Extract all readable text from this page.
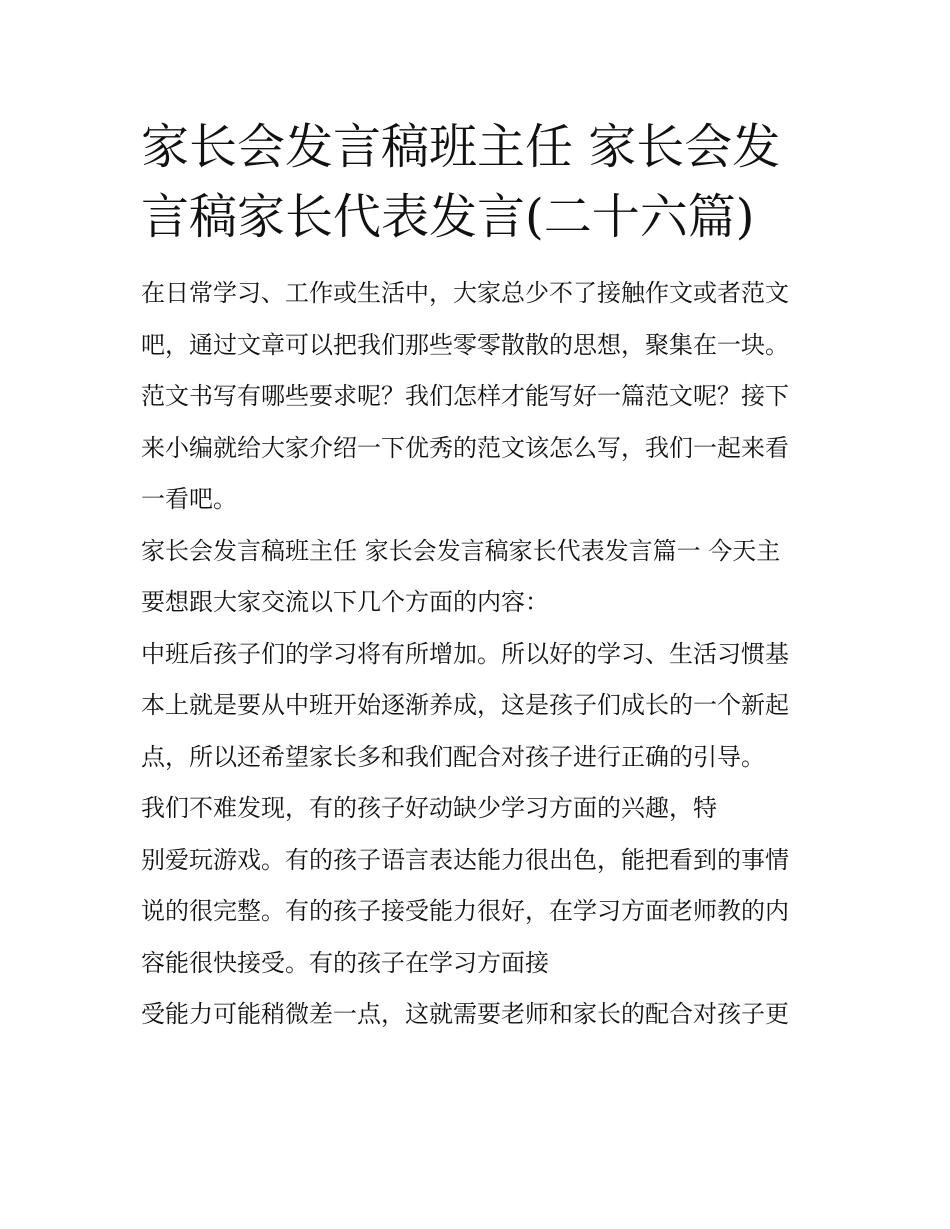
家长会发言稿班主任 家长会发
言稿家长代表发言(二十六篇)
在日常学习、工作或生活中，大家总少不了接触作文或者范文
吧，通过文章可以把我们那些零零散散的思想，聚集在一块。
范文书写有哪些要求呢？我们怎样才能写好一篇范文呢？接下
来小编就给大家介绍一下优秀的范文该怎么写，我们一起来看
一看吧。
家长会发言稿班主任 家长会发言稿家长代表发言篇一 今天主
要想跟大家交流以下几个方面的内容：
中班后孩子们的学习将有所增加。所以好的学习、生活习惯基
本上就是要从中班开始逐渐养成，这是孩子们成长的一个新起
点，所以还希望家长多和我们配合对孩子进行正确的引导。
我们不难发现，有的孩子好动缺少学习方面的兴趣，特
别爱玩游戏。有的孩子语言表达能力很出色，能把看到的事情
说的很完整。有的孩子接受能力很好，在学习方面老师教的内
容能很快接受。有的孩子在学习方面接
受能力可能稍微差一点，这就需要老师和家长的配合对孩子更
